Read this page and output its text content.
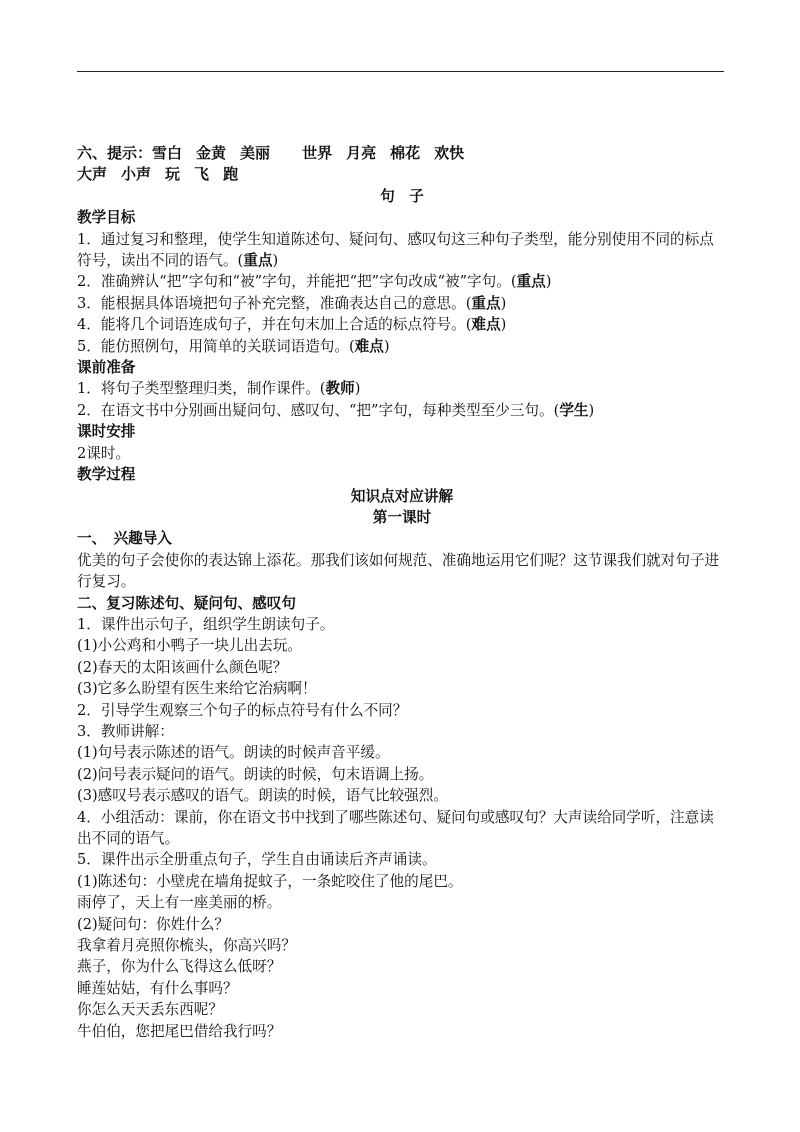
六、提示：雪白 金黄 美丽 世界 月亮 棉花 欢快
大声 小声 玩 飞 跑
句　子
教学目标
1．通过复习和整理，使学生知道陈述句、疑问句、感叹句这三种句子类型，能分别使用不同的标点符号，读出不同的语气。(重点)
2．准确辨认“把”字句和“被”字句，并能把“把”字句改成“被”字句。(重点)
3．能根据具体语境把句子补充完整，准确表达自己的意思。(重点)
4．能将几个词语连成句子，并在句末加上合适的标点符号。(难点)
5．能仿照例句，用简单的关联词语造句。(难点)
课前准备
1．将句子类型整理归类，制作课件。(教师)
2．在语文书中分别画出疑问句、感叹句、“把”字句，每种类型至少三句。(学生)
课时安排
2课时。
教学过程
知识点对应讲解
第一课时
一、　兴趣导入
优美的句子会使你的表达锦上添花。那我们该如何规范、准确地运用它们呢？这节课我们就对句子进行复习。
二、复习陈述句、疑问句、感叹句
1．课件出示句子，组织学生朗读句子。
(1)小公鸡和小鸭子一块儿出去玩。
(2)春天的太阳该画什么颜色呢？
(3)它多么盼望有医生来给它治病啊！
2．引导学生观察三个句子的标点符号有什么不同？
3．教师讲解：
(1)句号表示陈述的语气。朗读的时候声音平缓。
(2)问号表示疑问的语气。朗读的时候，句末语调上扬。
(3)感叹号表示感叹的语气。朗读的时候，语气比较强烈。
4．小组活动：课前，你在语文书中找到了哪些陈述句、疑问句或感叹句？大声读给同学听，注意读出不同的语气。
5．课件出示全册重点句子，学生自由诵读后齐声诵读。
(1)陈述句：小壁虎在墙角捉蚊子，一条蛇咬住了他的尾巴。
雨停了，天上有一座美丽的桥。
(2)疑问句：你姓什么？
我拿着月亮照你梳头，你高兴吗？
燕子，你为什么飞得这么低呀？
睡莲姑姑，有什么事吗？
你怎么天天丢东西呢？
牛伯伯，您把尾巴借给我行吗？
